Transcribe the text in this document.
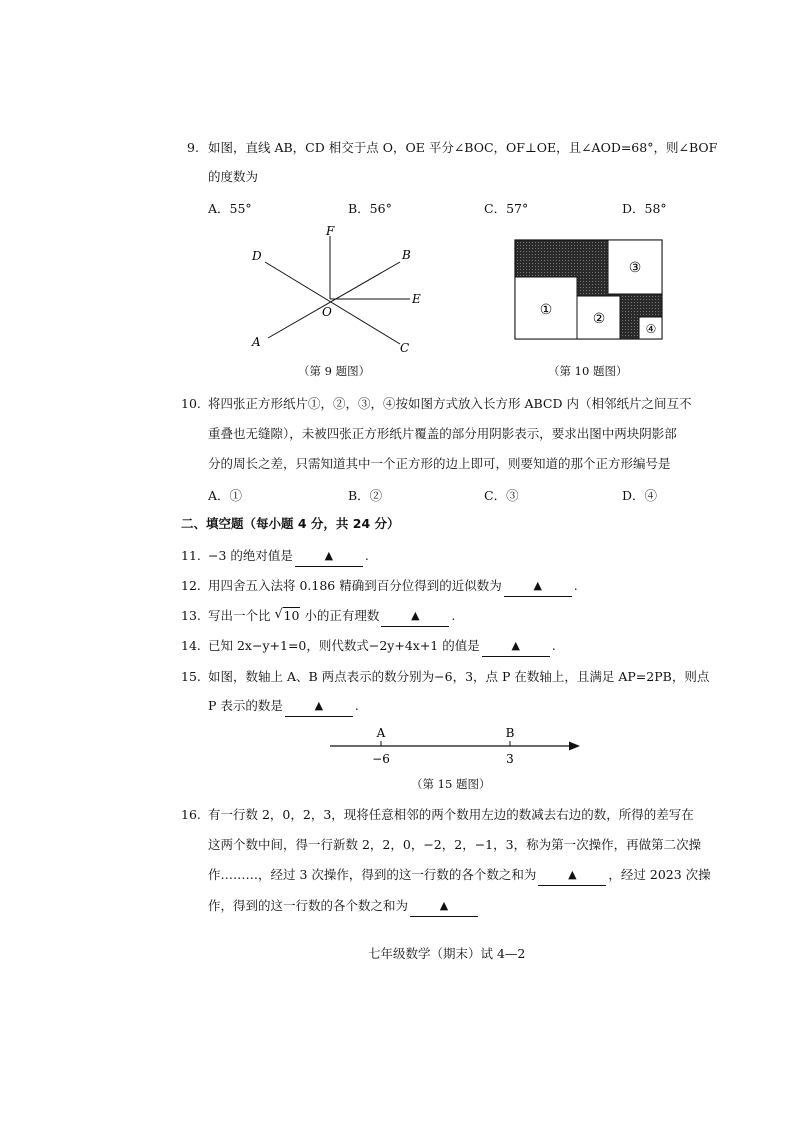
9. 如图，直线 AB，CD 相交于点 O，OE 平分∠BOC，OF⊥OE，且∠AOD=68°，则∠BOF
的度数为
A．55°	B．56°	C．57°	D．58°
F
D	B
E
O
A	C
（第 9 题图）
①
②
③
④
（第 10 题图）
10. 将四张正方形纸片①，②，③，④按如图方式放入长方形 ABCD 内（相邻纸片之间互不
重叠也无缝隙），未被四张正方形纸片覆盖的部分用阴影表示，要求出图中两块阴影部
分的周长之差，只需知道其中一个正方形的边上即可，则要知道的那个正方形编号是
A．①	B．②	C．③	D．④
二、填空题（每小题 4 分，共 24 分）
11. −3 的绝对值是	▲	.
12. 用四舍五入法将 0.186 精确到百分位得到的近似数为	▲	.
13. 写出一个比 √ 10 小的正有理数	▲	.
14. 已知 2x−y+1=0，则代数式−2y+4x+1 的值是	▲	.
15. 如图，数轴上 A、B 两点表示的数分别为−6，3，点 P 在数轴上，且满足 AP=2PB，则点
P 表示的数是	▲	.
A	B
−6	3
（第 15 题图）
16. 有一行数 2，0，2，3，现将任意相邻的两个数用左边的数减去右边的数，所得的差写在
这两个数中间，得一行新数 2，2，0，−2，2，−1，3，称为第一次操作，再做第二次操
作………，经过 3 次操作，得到的这一行数的各个数之和为	▲	，经过 2023 次操
作，得到的这一行数的各个数之和为	▲
七年级数学（期末）试 4—2
